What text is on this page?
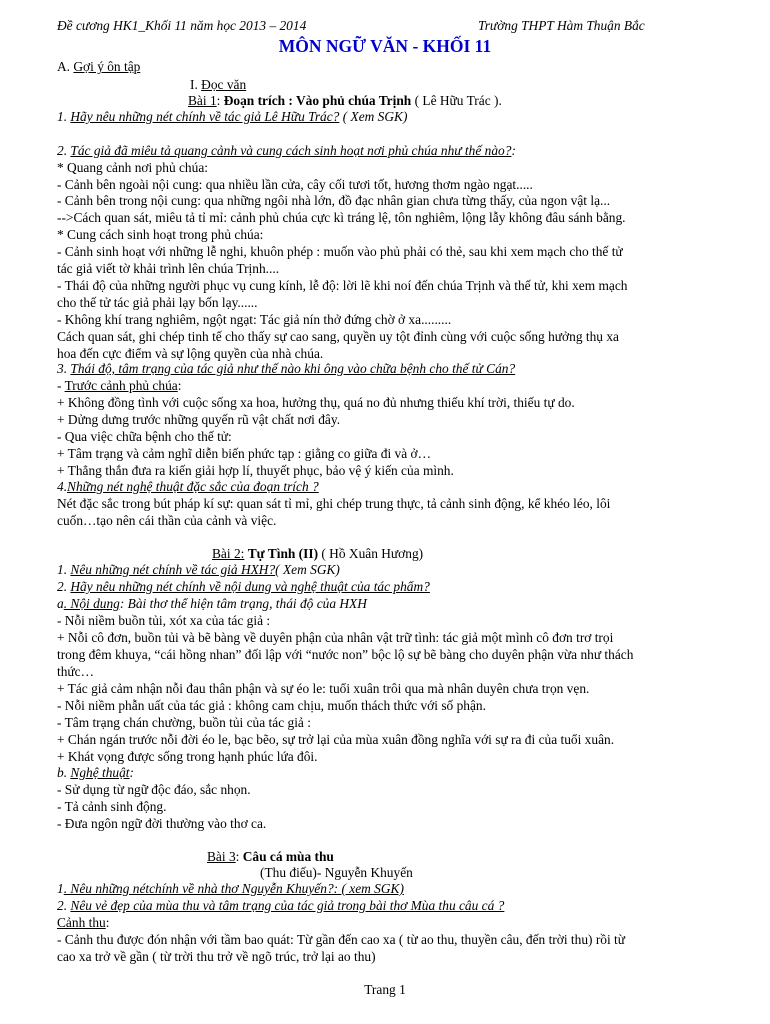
Đề cương HK1_Khối 11 năm học 2013 – 2014	Trường THPT Hàm Thuận Bắc
MÔN NGỮ VĂN - KHỐI 11
A. Gợi ý ôn tập
I. Đọc văn
Bài 1: Đoạn trích : Vào phủ chúa Trịnh ( Lê Hữu Trác ).
1. Hãy nêu những nét chính về tác giả Lê Hữu Trác? ( Xem SGK)
2. Tác giả đã miêu tả quang cảnh và cung cách sinh hoạt nơi phủ chúa như thế nào?:
* Quang cảnh nơi phủ chúa:
- Cảnh bên ngoài nội cung: qua nhiều lần cửa, cây cối tươi tốt, hương thơm ngào ngạt.....
- Cảnh bên trong nội cung: qua những ngôi nhà lớn, đồ đạc nhân gian chưa từng thấy, của ngon vật lạ...
-->Cách quan sát, miêu tả tỉ mỉ: cảnh phủ chúa cực kì tráng lệ, tôn nghiêm, lộng lẫy không đâu sánh bằng.
* Cung cách sinh hoạt trong phủ chúa:
- Cảnh sinh hoạt với những lễ nghi, khuôn phép : muốn vào phủ phải có thẻ, sau khi xem mạch cho thế tử
tác giả viết tờ khải trình lên chúa Trịnh....
- Thái độ của những người phục vụ cung kính, lễ độ: lời lẽ khi noí đến chúa Trịnh và thế tử, khi xem mạch
cho thế tử tác giả phải lạy bốn lạy......
- Không khí trang nghiêm, ngột ngạt: Tác giả nín thở đứng chờ ở xa.........
Cách quan sát, ghi chép tinh tế cho thấy sự cao sang, quyền uy tột đỉnh cùng với cuộc sống hưởng thụ xa
hoa đến cực điểm và sự lộng quyền của nhà chúa.
3. Thái độ, tâm trạng của tác giả như thế nào khi ông vào chữa bệnh cho thế tử Cán?
- Trước cảnh phủ chúa:
+ Không đồng tình với cuộc sống xa hoa, hưởng thụ, quá no đủ nhưng thiếu khí trời, thiếu tự do.
+ Dửng dưng trước những quyến rũ vật chất nơi đây.
- Qua việc chữa bệnh cho thế tử:
+ Tâm trạng và cảm nghĩ diễn biến phức tạp : giằng co giữa đi và ở…
+ Thẳng thắn đưa ra kiến giải hợp lí, thuyết phục, bảo vệ ý kiến của mình.
4.Những nét nghệ thuật đặc sắc của đoạn trích ?
Nét đặc sắc trong bút pháp kí sự: quan sát tỉ mỉ, ghi chép trung thực, tả cảnh sinh động, kể khéo léo, lôi
cuốn…tạo nên cái thần của cảnh và việc.
Bài 2: Tự Tình (II) ( Hồ Xuân Hương)
1. Nêu những nét chính về tác giả HXH?( Xem SGK)
2. Hãy nêu những nét chính về nội dung và nghệ thuật của tác phẩm?
a. Nội dung: Bài thơ thể hiện tâm trạng, thái độ của HXH
- Nỗi niềm buồn tủi, xót xa của tác giả :
+ Nỗi cô đơn, buồn tủi và bẽ bàng về duyên phận của nhân vật trữ tình: tác giả một mình cô đơn trơ trọi
trong đêm khuya, “cái hồng nhan” đối lập với “nước non” bộc lộ sự bẽ bàng cho duyên phận vừa như thách
thức…
+ Tác giả cảm nhận nỗi đau thân phận và sự éo le: tuổi xuân trôi qua mà nhân duyên chưa trọn vẹn.
- Nỗi niềm phẫn uất của tác giả : không cam chịu, muốn thách thức với số phận.
- Tâm trạng chán chường, buồn tủi của tác giả :
+ Chán ngán trước nỗi đời éo le, bạc bẽo, sự trở lại của mùa xuân đồng nghĩa với sự ra đi của tuổi xuân.
+ Khát vọng được sống trong hạnh phúc lứa đôi.
b. Nghệ thuật:
- Sử dụng từ ngữ độc đáo, sắc nhọn.
- Tả cảnh sinh động.
- Đưa ngôn ngữ đời thường vào thơ ca.
Bài 3: Câu cá mùa thu
(Thu điếu)- Nguyễn Khuyến
1. Nêu những nétchính về nhà thơ Nguyễn Khuyến?: ( xem SGK)
2. Nêu vẻ đẹp của mùa thu và tâm trạng của tác giả trong bài thơ Mùa thu câu cá ?
Cảnh thu:
- Cảnh thu được đón nhận với tầm bao quát: Từ gần đến cao xa ( từ ao thu, thuyền câu, đến trời thu) rồi từ
cao xa trở về gần ( từ trời thu trở về ngõ trúc, trở lại ao thu)
Trang 1
